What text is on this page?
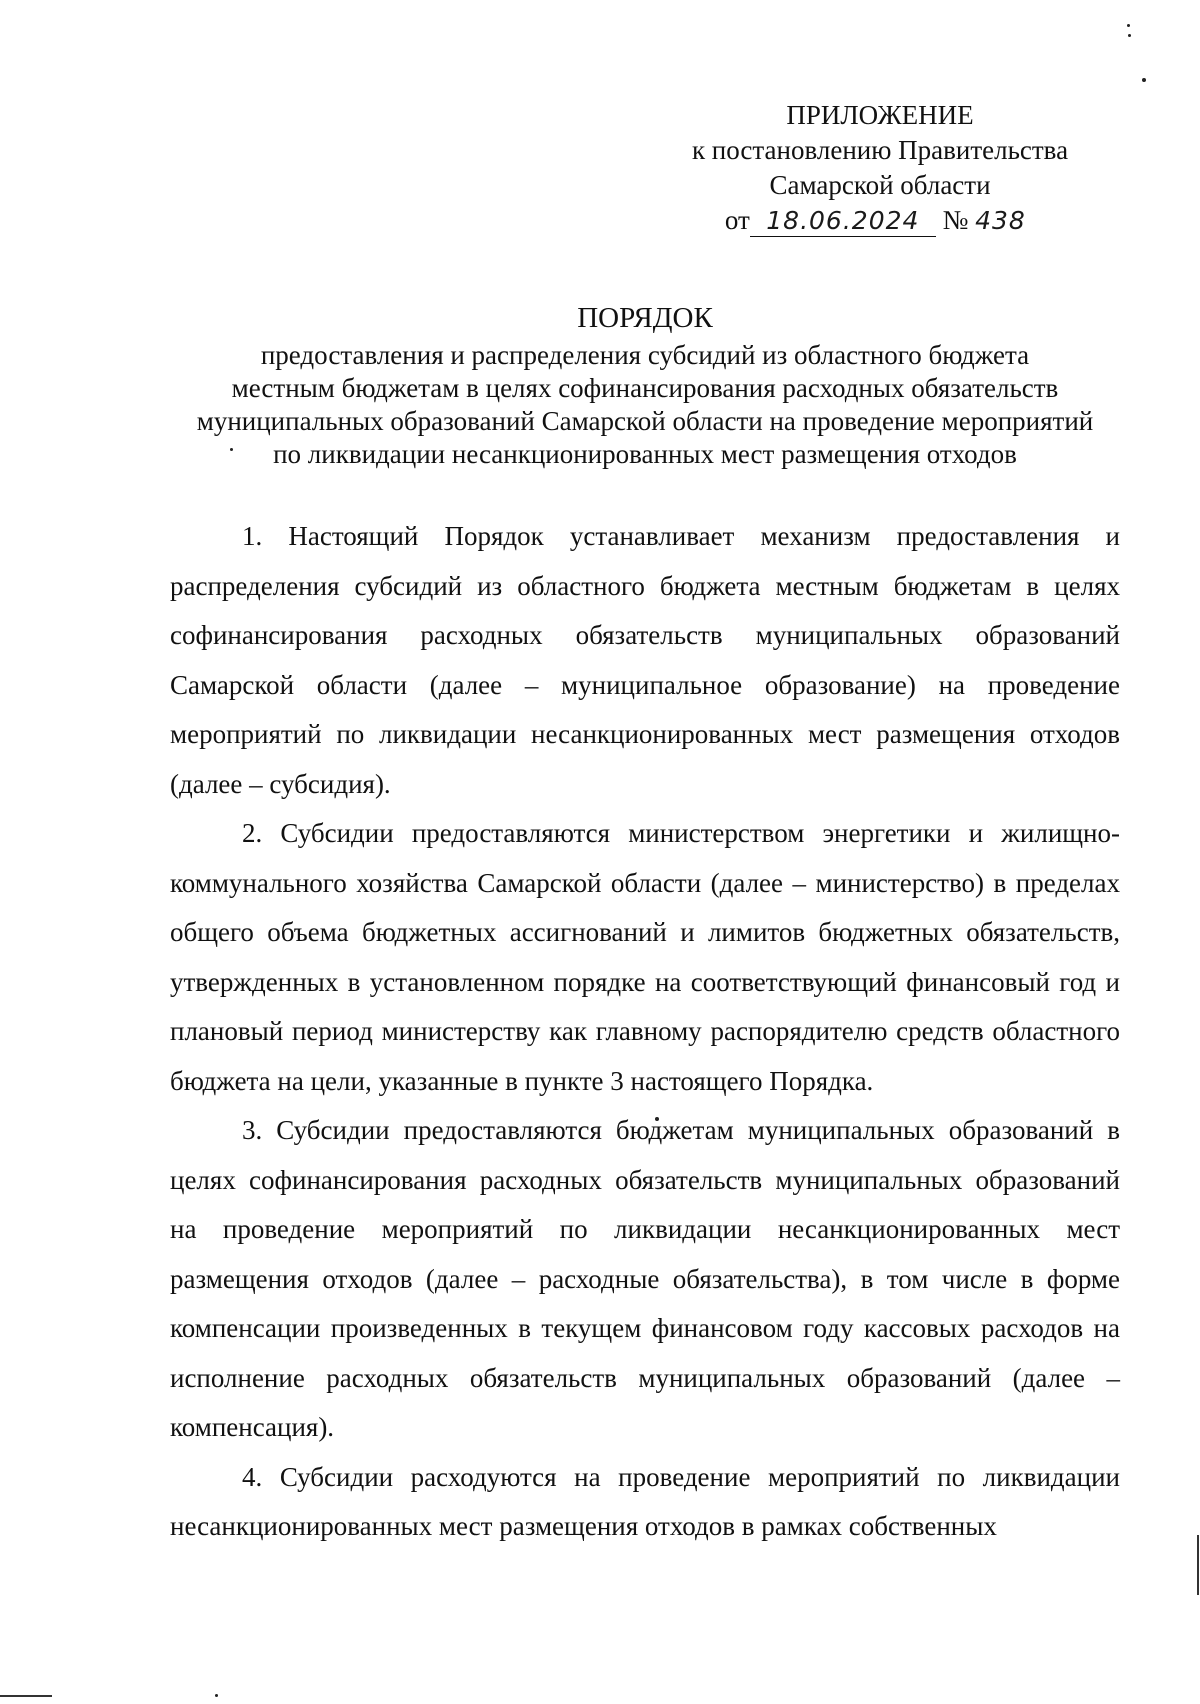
ПРИЛОЖЕНИЕ
к постановлению Правительства
Самарской области
от 18.06.2024 № 438
ПОРЯДОК
предоставления и распределения субсидий из областного бюджета
местным бюджетам в целях софинансирования расходных обязательств
муниципальных образований Самарской области на проведение мероприятий
по ликвидации несанкционированных мест размещения отходов

1. Настоящий Порядок устанавливает механизм предоставления и распределения субсидий из областного бюджета местным бюджетам в целях софинансирования расходных обязательств муниципальных образований Самарской области (далее – муниципальное образование) на проведение мероприятий по ликвидации несанкционированных мест размещения отходов (далее – субсидия).

2. Субсидии предоставляются министерством энергетики и жилищно-коммунального хозяйства Самарской области (далее – министерство) в пределах общего объема бюджетных ассигнований и лимитов бюджетных обязательств, утвержденных в установленном порядке на соответствующий финансовый год и плановый период министерству как главному распорядителю средств областного бюджета на цели, указанные в пункте 3 настоящего Порядка.

3. Субсидии предоставляются бюджетам муниципальных образований в целях софинансирования расходных обязательств муниципальных образований на проведение мероприятий по ликвидации несанкционированных мест размещения отходов (далее – расходные обязательства), в том числе в форме компенсации произведенных в текущем финансовом году кассовых расходов на исполнение расходных обязательств муниципальных образований (далее – компенсация).

4. Субсидии расходуются на проведение мероприятий по ликвидации несанкционированных мест размещения отходов в рамках собственных
